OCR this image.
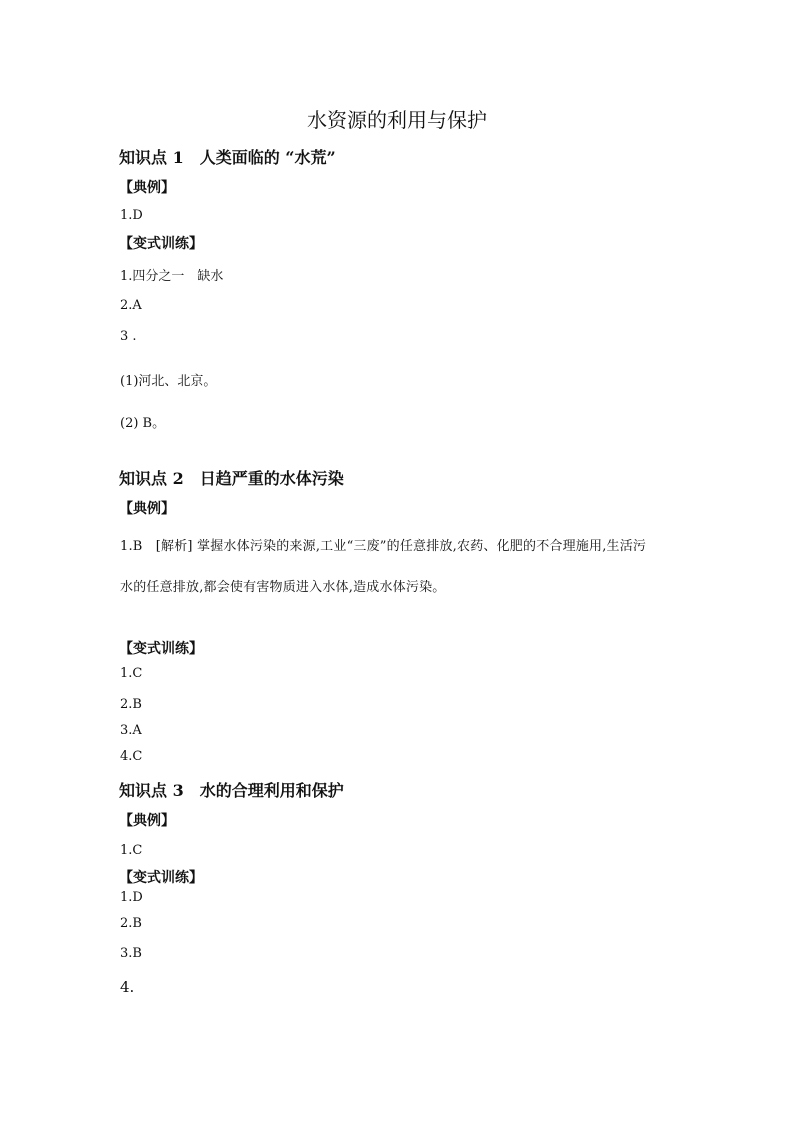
水资源的利用与保护
知识点 1　人类面临的 “水荒”
【典例】
1.D
【变式训练】
1.四分之一　缺水
2.A
3 .
(1)河北、北京。
(2) B。
知识点 2　日趋严重的水体污染
【典例】
1.B　[解析] 掌握水体污染的来源,工业“三废”的任意排放,农药、化肥的不合理施用,生活污
水的任意排放,都会使有害物质进入水体,造成水体污染。
【变式训练】
1.C
2.B
3.A
4.C
知识点 3　水的合理利用和保护
【典例】
1.C
【变式训练】
1.D
2.B
3.B
4.
